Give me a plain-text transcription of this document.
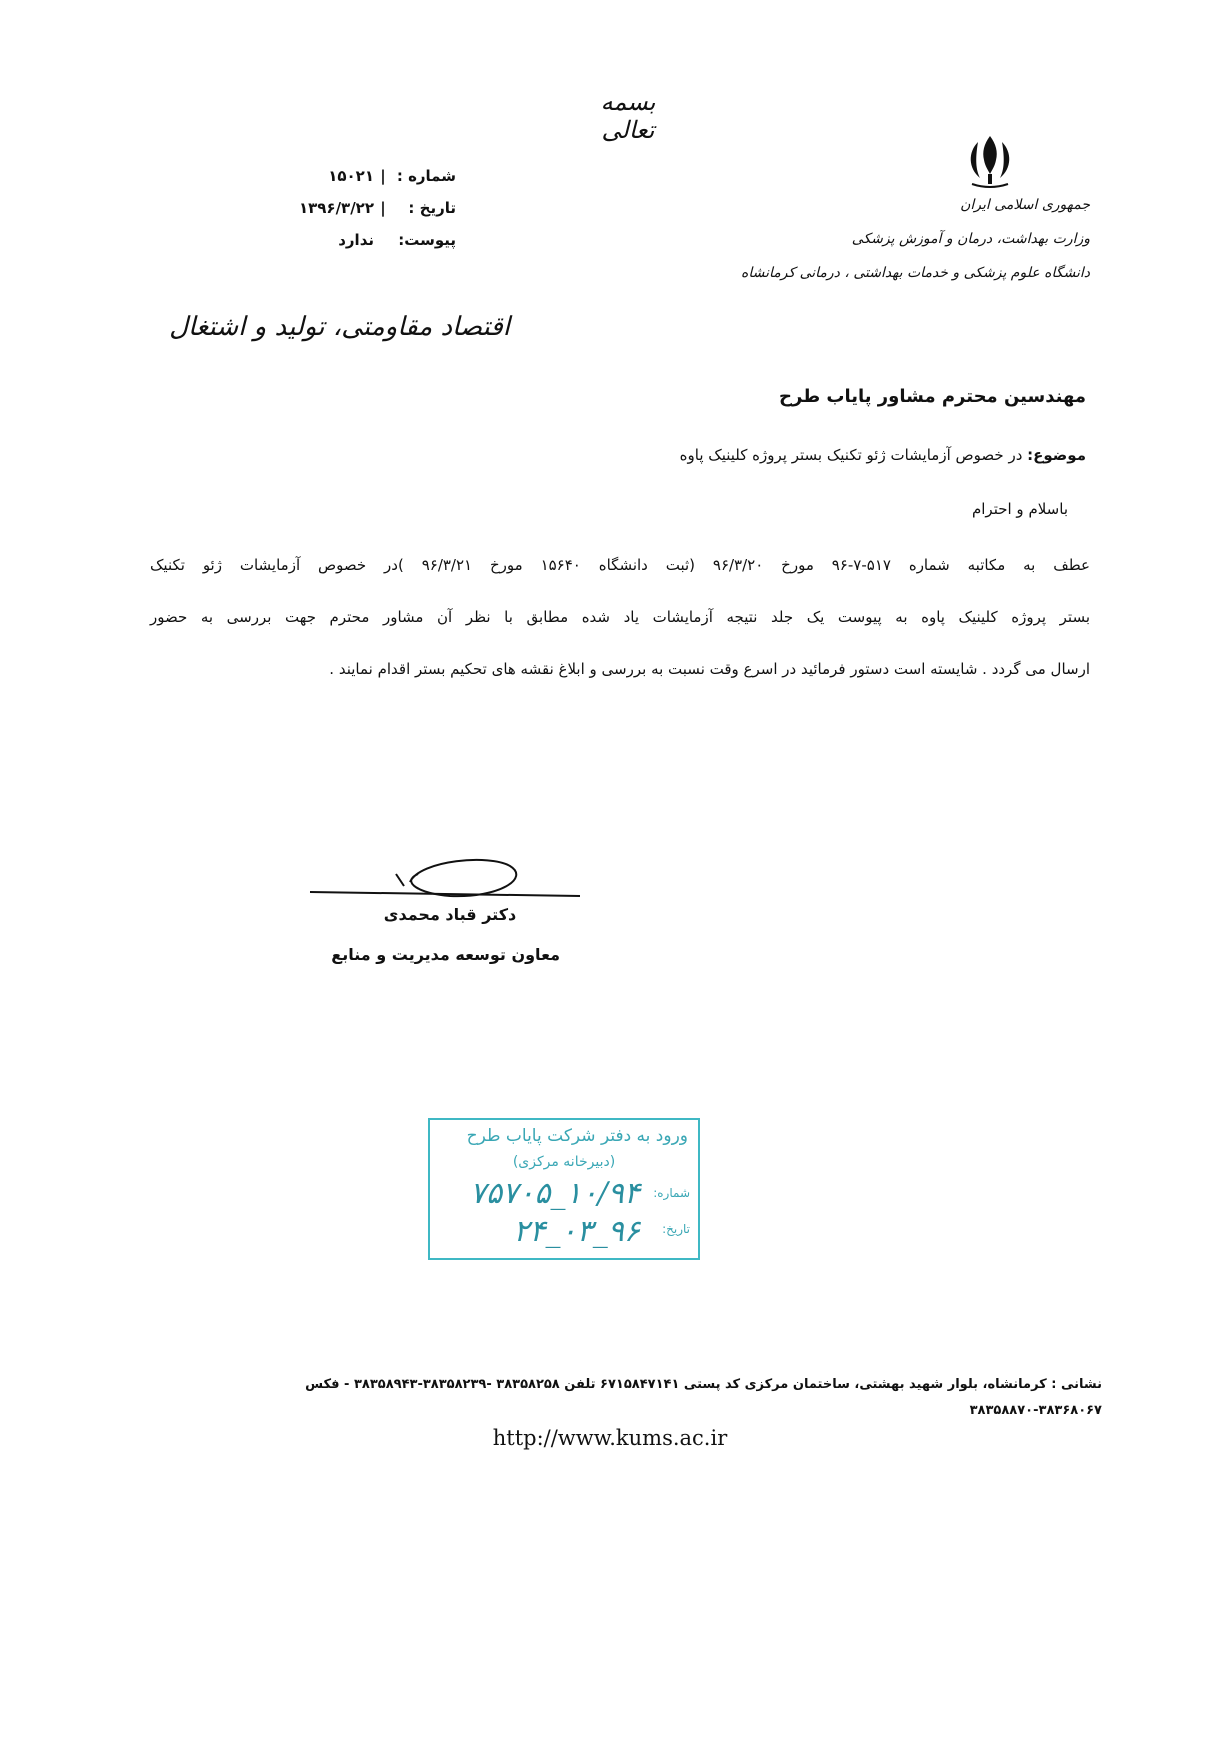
بسمه تعالی
جمهوری اسلامی ایران
وزارت بهداشت، درمان و آموزش پزشکی
دانشگاه علوم پزشکی و خدمات بهداشتی ، درمانی کرمانشاه
شماره :
|
۱۵۰۲۱
تاریخ :
|
۱۳۹۶/۳/۲۲
پیوست:
ندارد
اقتصاد مقاومتی، تولید و اشتغال
مهندسین محترم مشاور پایاب طرح
موضوع: در خصوص آزمایشات ژئو تکنیک بستر پروژه کلینیک پاوه
باسلام و احترام
عطف به مکاتبه شماره ۵۱۷-۷-۹۶ مورخ ۹۶/۳/۲۰ (ثبت دانشگاه ۱۵۶۴۰ مورخ ۹۶/۳/۲۱ )در خصوص آزمایشات ژئو تکنیک
بستر پروژه کلینیک پاوه به پیوست یک جلد نتیجه آزمایشات یاد شده مطابق با نظر آن مشاور محترم جهت بررسی به حضور
ارسال می گردد . شایسته است دستور فرمائید در اسرع وقت نسبت به بررسی و ابلاغ نقشه های تحکیم بستر اقدام نمایند .
دکتر قباد محمدی
معاون توسعه مدیریت و منابع
ورود به دفتر شرکت پایاب طرح
(دبیرخانه مرکزی)
شماره:
۱۰/۹۴_۷۵۷۰۵
تاریخ:
۹۶_۰۳_۲۴
نشانی : کرمانشاه، بلوار شهید بهشتی، ساختمان مرکزی کد پستی ۶۷۱۵۸۴۷۱۴۱ تلفن ۳۸۳۵۸۲۵۸ -۳۸۳۵۸۲۳۹-۳۸۳۵۸۹۴۳ - فکس ۳۸۳۶۸۰۶۷-۳۸۳۵۸۸۷۰
http://www.kums.ac.ir
